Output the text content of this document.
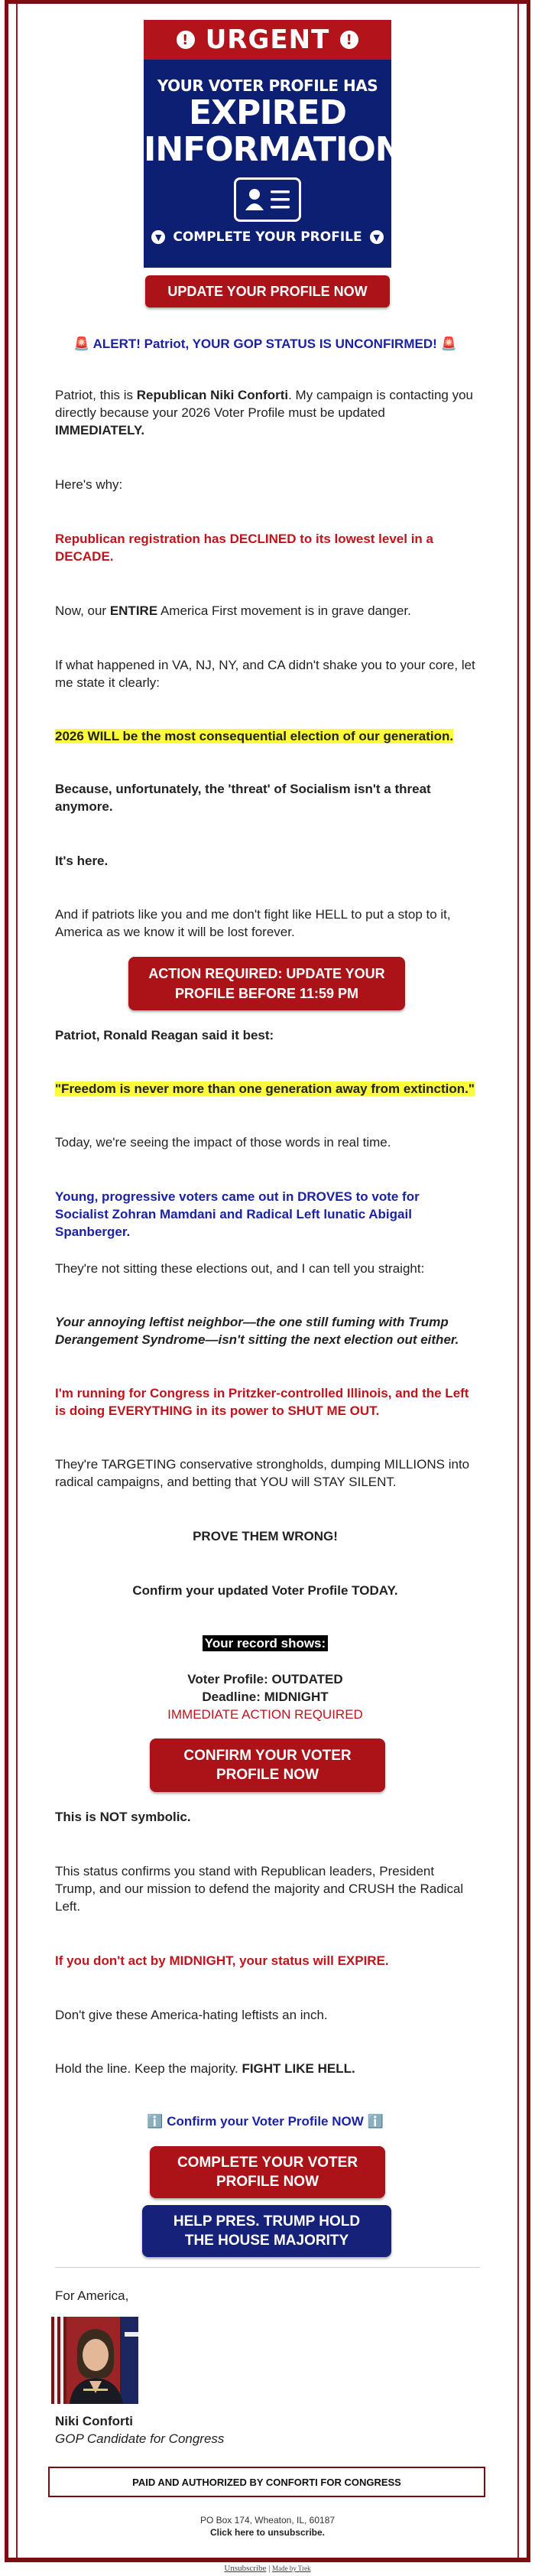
! URGENT	!
YOUR VOTER PROFILE HAS
EXPIRED
INFORMATION
▼ COMPLETE YOUR PROFILE	▼
UPDATE YOUR PROFILE NOW
🚨 ALERT! Patriot, YOUR GOP STATUS IS UNCONFIRMED! 🚨
Patriot, this is Republican Niki Conforti. My campaign is contacting you directly because your 2026 Voter Profile must be updated IMMEDIATELY.
Here's why:
Republican registration has DECLINED to its lowest level in a DECADE.
Now, our ENTIRE America First movement is in grave danger.
If what happened in VA, NJ, NY, and CA didn't shake you to your core, let me state it clearly:
2026 WILL be the most consequential election of our generation.
Because, unfortunately, the 'threat' of Socialism isn't a threat anymore.
It's here.
And if patriots like you and me don't fight like HELL to put a stop to it, America as we know it will be lost forever.
ACTION REQUIRED: UPDATE YOUR PROFILE BEFORE 11:59 PM
Patriot, Ronald Reagan said it best:
"Freedom is never more than one generation away from extinction."
Today, we're seeing the impact of those words in real time.
Young, progressive voters came out in DROVES to vote for Socialist Zohran Mamdani and Radical Left lunatic Abigail Spanberger.
They're not sitting these elections out, and I can tell you straight:
Your annoying leftist neighbor—the one still fuming with Trump Derangement Syndrome—isn't sitting the next election out either.
I'm running for Congress in Pritzker-controlled Illinois, and the Left is doing EVERYTHING in its power to SHUT ME OUT.
They're TARGETING conservative strongholds, dumping MILLIONS into radical campaigns, and betting that YOU will STAY SILENT.
PROVE THEM WRONG!
Confirm your updated Voter Profile TODAY.
Your record shows:
Voter Profile: OUTDATED
Deadline: MIDNIGHT
IMMEDIATE ACTION REQUIRED
CONFIRM YOUR VOTER PROFILE NOW
This is NOT symbolic.
This status confirms you stand with Republican leaders, President Trump, and our mission to defend the majority and CRUSH the Radical Left.
If you don't act by MIDNIGHT, your status will EXPIRE.
Don't give these America-hating leftists an inch.
Hold the line. Keep the majority. FIGHT LIKE HELL.
ℹ️ Confirm your Voter Profile NOW ℹ️
COMPLETE YOUR VOTER PROFILE NOW
HELP PRES. TRUMP HOLD THE HOUSE MAJORITY
For America,
Niki Conforti
GOP Candidate for Congress
PAID AND AUTHORIZED BY CONFORTI FOR CONGRESS
PO Box 174, Wheaton, IL, 60187
Click here to unsubscribe.
Unsubscribe | Made by Trek
